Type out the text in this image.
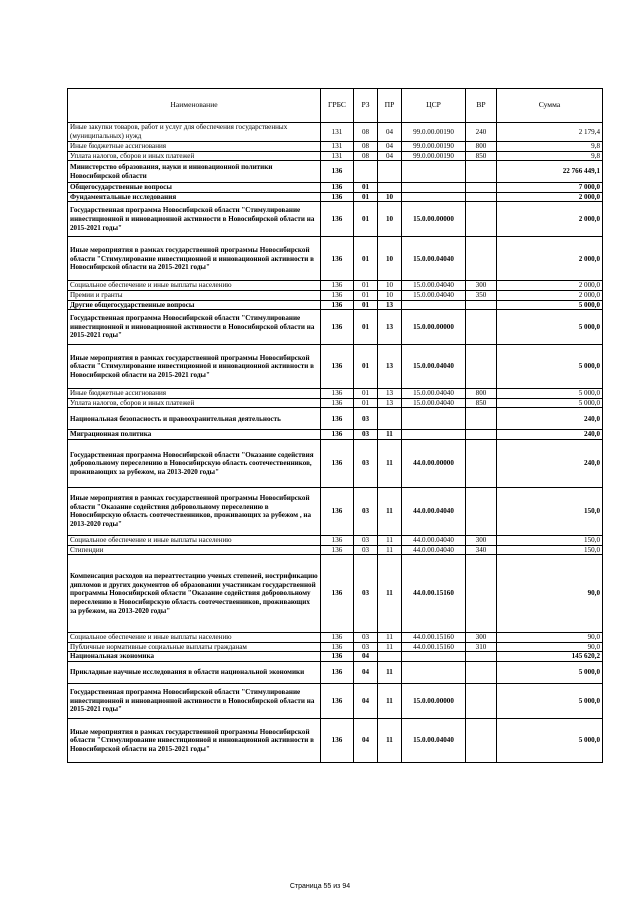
Наименование	ГРБС	РЗ	ПР	ЦСР	ВР	Сумма
Иные закупки товаров, работ и услуг для обеспечения государственных (муниципальных) нужд	131	08	04	99.0.00.00190	240	2 179,4
Иные бюджетные ассигнования	131	08	04	99.0.00.00190	800	9,8
Уплата налогов, сборов и иных платежей	131	08	04	99.0.00.00190	850	9,8
Министерство образования, науки и инновационной политики Новосибирской области	136					22 766 449,1
Общегосударственные вопросы	136	01				7 000,0
Фундаментальные исследования	136	01	10			2 000,0
Государственная программа Новосибирской области "Стимулирование инвестиционной и инновационной активности в Новосибирской области на 2015-2021 годы"	136	01	10	15.0.00.00000		2 000,0
Иные мероприятия в рамках государственной программы Новосибирской области "Стимулирование инвестиционной и инновационной активности в Новосибирской области на 2015-2021 годы"	136	01	10	15.0.00.04040		2 000,0
Социальное обеспечение и иные выплаты населению	136	01	10	15.0.00.04040	300	2 000,0
Премии и гранты	136	01	10	15.0.00.04040	350	2 000,0
Другие общегосударственные вопросы	136	01	13			5 000,0
Государственная программа Новосибирской области "Стимулирование инвестиционной и инновационной активности в Новосибирской области на 2015-2021 годы"	136	01	13	15.0.00.00000		5 000,0
Иные мероприятия в рамках государственной программы Новосибирской области "Стимулирование инвестиционной и инновационной активности в Новосибирской области на 2015-2021 годы"	136	01	13	15.0.00.04040		5 000,0
Иные бюджетные ассигнования	136	01	13	15.0.00.04040	800	5 000,0
Уплата налогов, сборов и иных платежей	136	01	13	15.0.00.04040	850	5 000,0
Национальная безопасность и правоохранительная деятельность	136	03				240,0
Миграционная политика	136	03	11			240,0
Государственная программа Новосибирской области "Оказание содействия добровольному переселению в Новосибирскую область соотечественников, проживающих за рубежом, на 2013-2020 годы"	136	03	11	44.0.00.00000		240,0
Иные мероприятия в рамках государственной программы Новосибирской области "Оказание содействия добровольному переселению в Новосибирскую область соотечественников, проживающих за рубежом , на 2013-2020 годы"	136	03	11	44.0.00.04040		150,0
Социальное обеспечение и иные выплаты населению	136	03	11	44.0.00.04040	300	150,0
Стипендии	136	03	11	44.0.00.04040	340	150,0
Компенсация расходов на переаттестацию ученых степеней, нострификацию дипломов и других документов об образовании участникам государственной программы Новосибирской области "Оказание содействия добровольному переселению в Новосибирскую область соотечественников, проживающих за рубежом, на 2013-2020 годы"	136	03	11	44.0.00.15160		90,0
Социальное обеспечение и иные выплаты населению	136	03	11	44.0.00.15160	300	90,0
Публичные нормативные социальные выплаты гражданам	136	03	11	44.0.00.15160	310	90,0
Национальная экономика	136	04				145 620,2
Прикладные научные исследования в области национальной экономики	136	04	11			5 000,0
Государственная программа Новосибирской области "Стимулирование инвестиционной и инновационной активности в Новосибирской области на 2015-2021 годы"	136	04	11	15.0.00.00000		5 000,0
Иные мероприятия в рамках государственной программы Новосибирской области "Стимулирование инвестиционной и инновационной активности в Новосибирской области на 2015-2021 годы"	136	04	11	15.0.00.04040		5 000,0
Страница 55 из 94
